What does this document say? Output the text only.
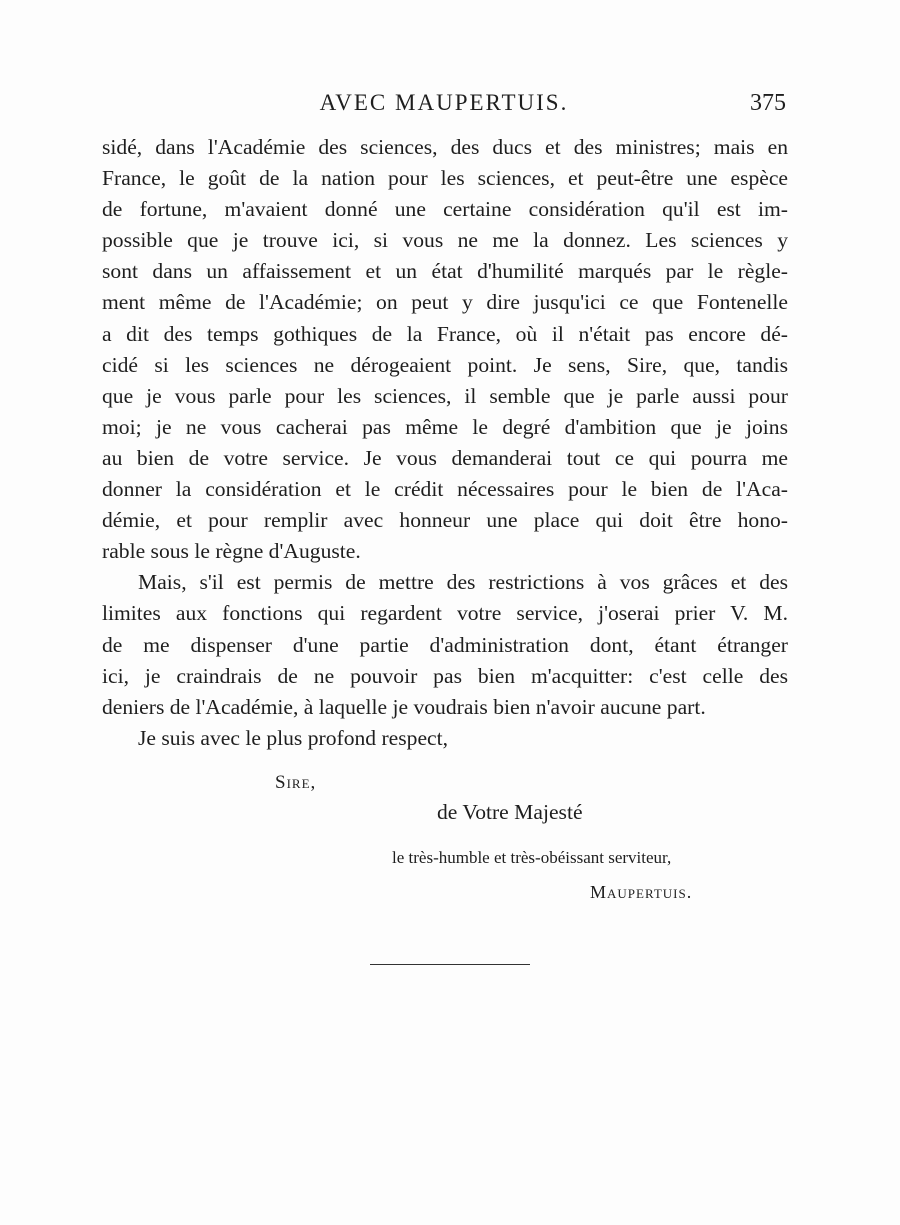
AVEC MAUPERTUIS.	375
sidé, dans l'Académie des sciences, des ducs et des ministres; mais en
France, le goût de la nation pour les sciences, et peut-être une espèce
de fortune, m'avaient donné une certaine considération qu'il est im-
possible que je trouve ici, si vous ne me la donnez. Les sciences y
sont dans un affaissement et un état d'humilité marqués par le règle-
ment même de l'Académie; on peut y dire jusqu'ici ce que Fontenelle
a dit des temps gothiques de la France, où il n'était pas encore dé-
cidé si les sciences ne dérogeaient point. Je sens, Sire, que, tandis
que je vous parle pour les sciences, il semble que je parle aussi pour
moi; je ne vous cacherai pas même le degré d'ambition que je joins
au bien de votre service. Je vous demanderai tout ce qui pourra me
donner la considération et le crédit nécessaires pour le bien de l'Aca-
démie, et pour remplir avec honneur une place qui doit être hono-
rable sous le règne d'Auguste.
Mais, s'il est permis de mettre des restrictions à vos grâces et des
limites aux fonctions qui regardent votre service, j'oserai prier V. M.
de me dispenser d'une partie d'administration dont, étant étranger
ici, je craindrais de ne pouvoir pas bien m'acquitter: c'est celle des
deniers de l'Académie, à laquelle je voudrais bien n'avoir aucune part.
Je suis avec le plus profond respect,
Sire,
de Votre Majesté
le très-humble et très-obéissant serviteur,
Maupertuis.
